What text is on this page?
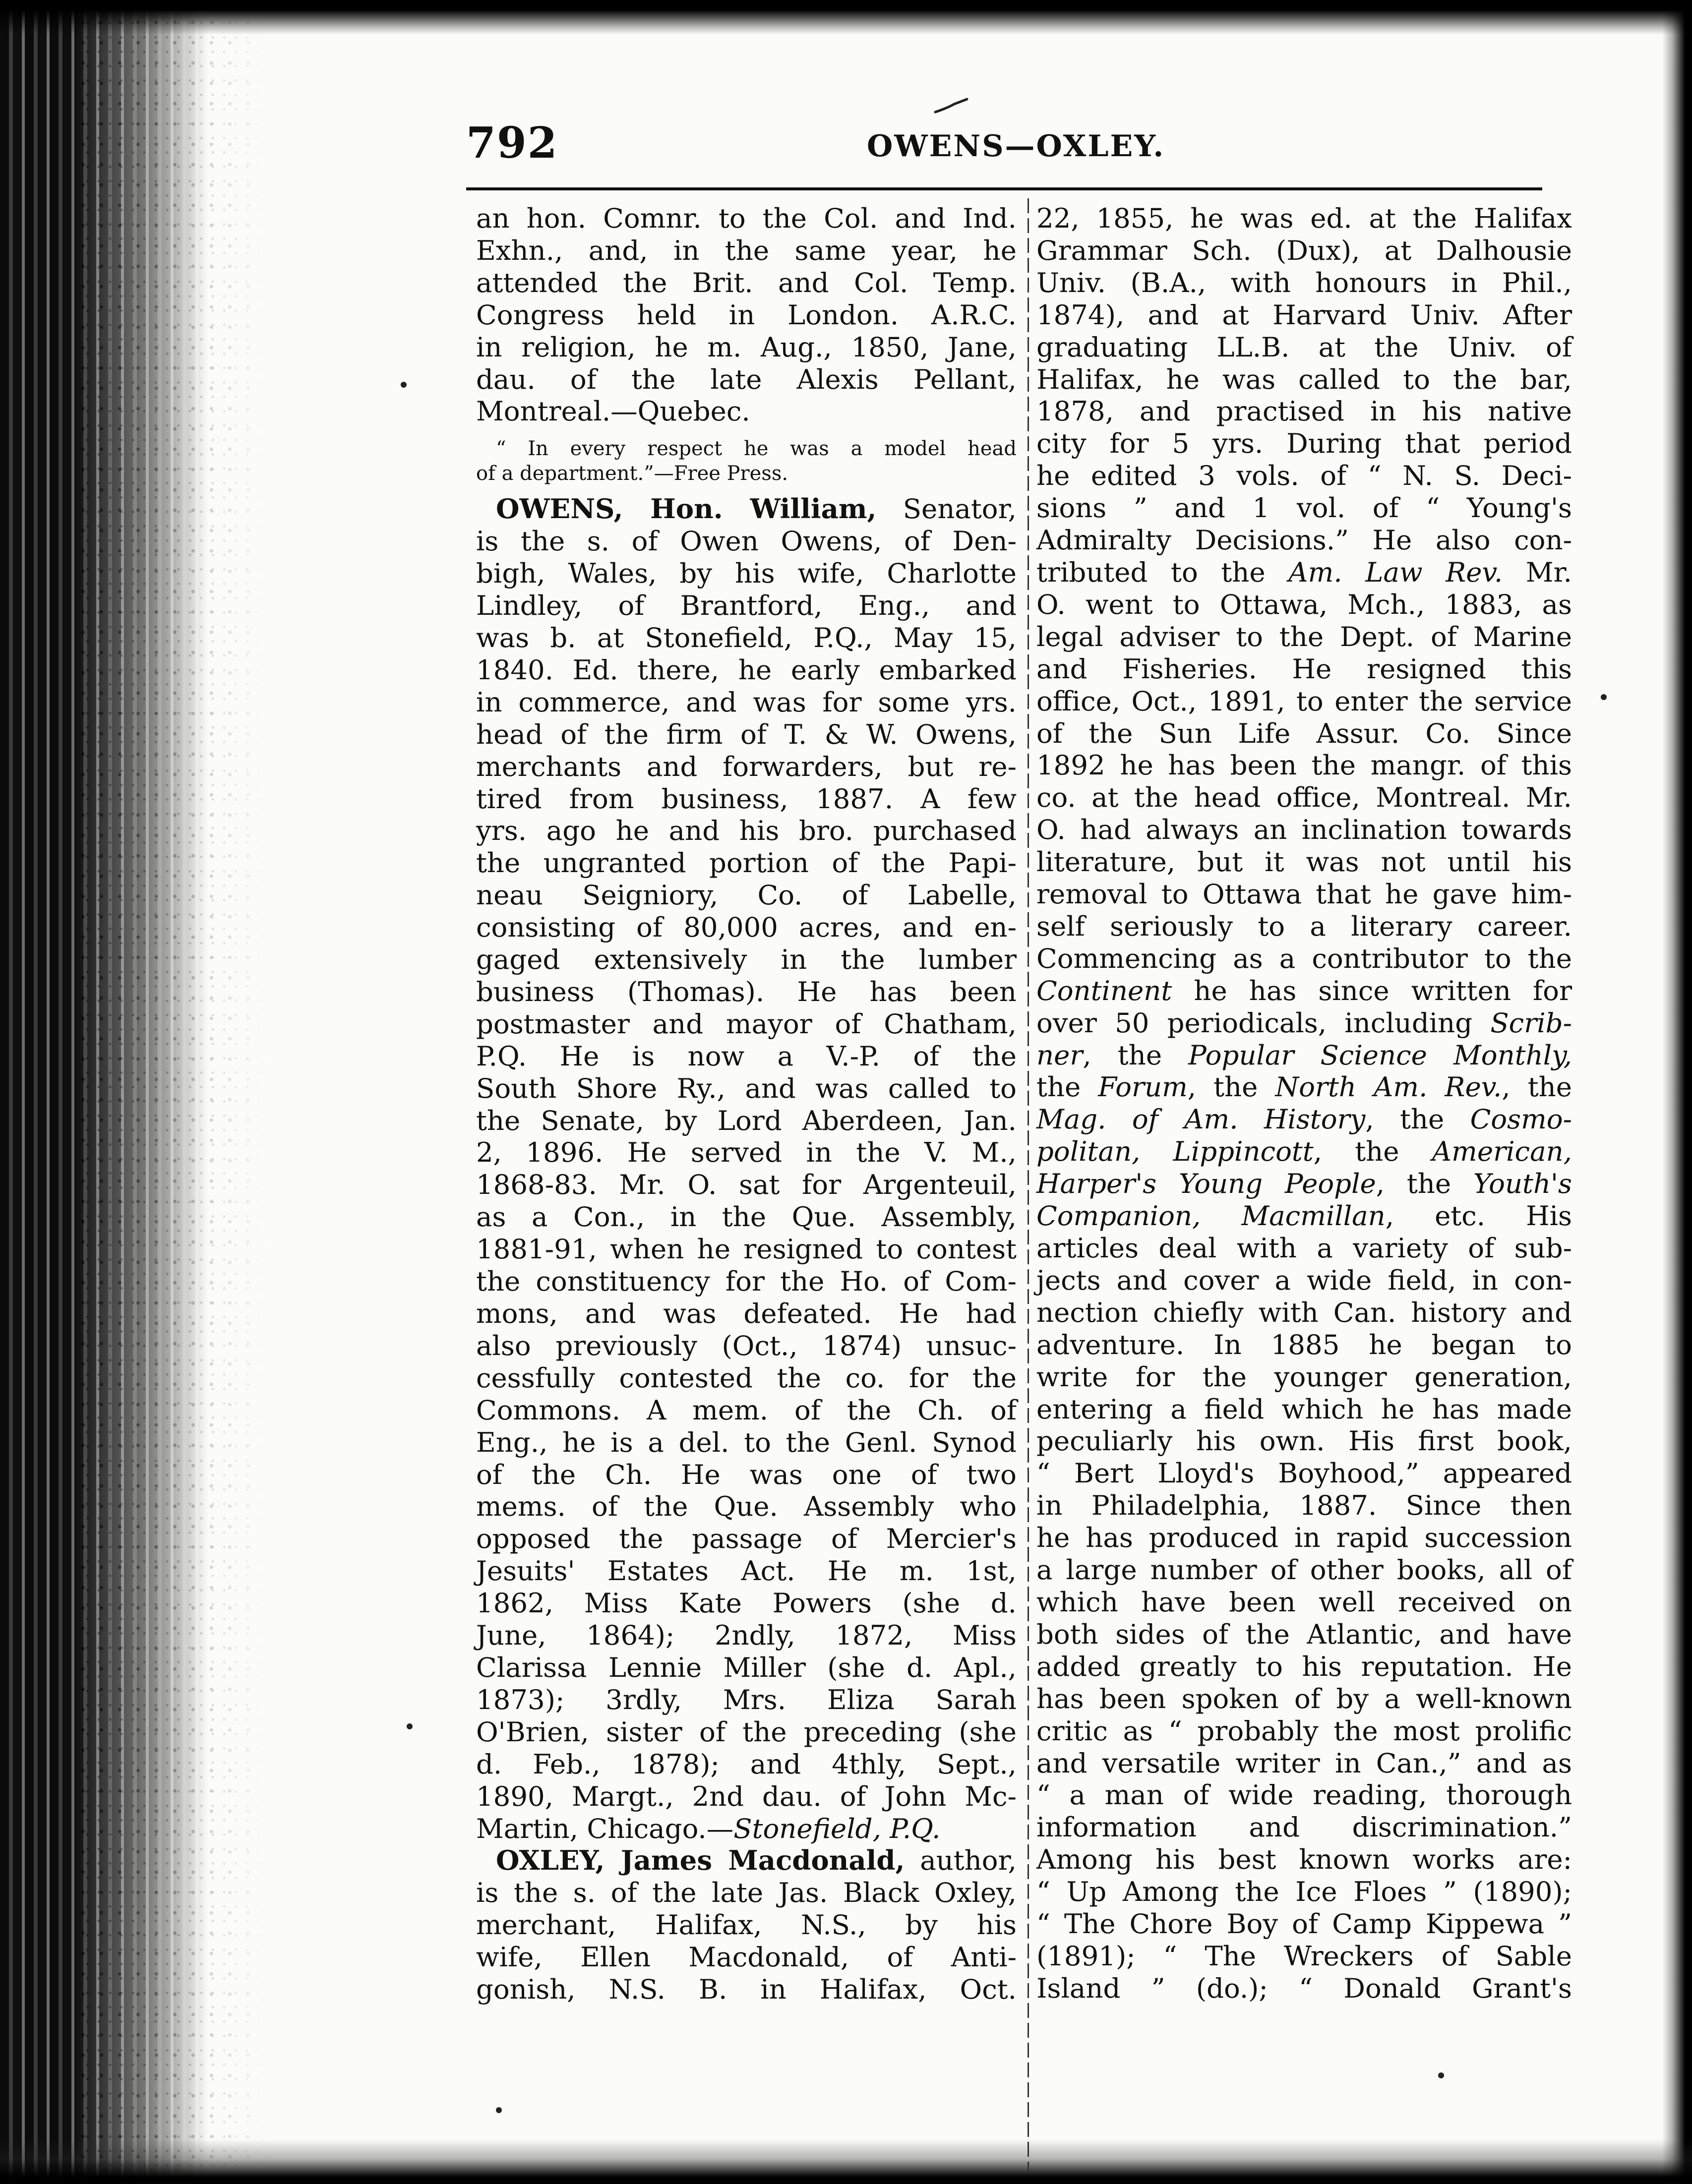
792	OWENS—OXLEY.
an hon. Comnr. to the Col. and Ind.
Exhn., and, in the same year, he
attended the Brit. and Col. Temp.
Congress held in London. A.R.C.
in religion, he m. Aug., 1850, Jane,
dau. of the late Alexis Pellant,
Montreal.—Quebec.
“ In every respect he was a model head
of a department.”—Free Press.
OWENS, Hon. William, Senator,
is the s. of Owen Owens, of Den-
bigh, Wales, by his wife, Charlotte
Lindley, of Brantford, Eng., and
was b. at Stonefield, P.Q., May 15,
1840. Ed. there, he early embarked
in commerce, and was for some yrs.
head of the firm of T. & W. Owens,
merchants and forwarders, but re-
tired from business, 1887. A few
yrs. ago he and his bro. purchased
the ungranted portion of the Papi-
neau Seigniory, Co. of Labelle,
consisting of 80,000 acres, and en-
gaged extensively in the lumber
business (Thomas). He has been
postmaster and mayor of Chatham,
P.Q. He is now a V.-P. of the
South Shore Ry., and was called to
the Senate, by Lord Aberdeen, Jan.
2, 1896. He served in the V. M.,
1868-83. Mr. O. sat for Argenteuil,
as a Con., in the Que. Assembly,
1881-91, when he resigned to contest
the constituency for the Ho. of Com-
mons, and was defeated. He had
also previously (Oct., 1874) unsuc-
cessfully contested the co. for the
Commons. A mem. of the Ch. of
Eng., he is a del. to the Genl. Synod
of the Ch. He was one of two
mems. of the Que. Assembly who
opposed the passage of Mercier's
Jesuits' Estates Act. He m. 1st,
1862, Miss Kate Powers (she d.
June, 1864); 2ndly, 1872, Miss
Clarissa Lennie Miller (she d. Apl.,
1873); 3rdly, Mrs. Eliza Sarah
O'Brien, sister of the preceding (she
d. Feb., 1878); and 4thly, Sept.,
1890, Margt., 2nd dau. of John Mc-
Martin, Chicago.—Stonefield, P.Q.
OXLEY, James Macdonald, author,
is the s. of the late Jas. Black Oxley,
merchant, Halifax, N.S., by his
wife, Ellen Macdonald, of Anti-
gonish, N.S. B. in Halifax, Oct.
22, 1855, he was ed. at the Halifax
Grammar Sch. (Dux), at Dalhousie
Univ. (B.A., with honours in Phil.,
1874), and at Harvard Univ. After
graduating LL.B. at the Univ. of
Halifax, he was called to the bar,
1878, and practised in his native
city for 5 yrs. During that period
he edited 3 vols. of “ N. S. Deci-
sions ” and 1 vol. of “ Young's
Admiralty Decisions.” He also con-
tributed to the Am. Law Rev. Mr.
O. went to Ottawa, Mch., 1883, as
legal adviser to the Dept. of Marine
and Fisheries. He resigned this
office, Oct., 1891, to enter the service
of the Sun Life Assur. Co. Since
1892 he has been the mangr. of this
co. at the head office, Montreal. Mr.
O. had always an inclination towards
literature, but it was not until his
removal to Ottawa that he gave him-
self seriously to a literary career.
Commencing as a contributor to the
Continent he has since written for
over 50 periodicals, including Scrib-
ner, the Popular Science Monthly,
the Forum, the North Am. Rev., the
Mag. of Am. History, the Cosmo-
politan, Lippincott, the American,
Harper's Young People, the Youth's
Companion, Macmillan, etc. His
articles deal with a variety of sub-
jects and cover a wide field, in con-
nection chiefly with Can. history and
adventure. In 1885 he began to
write for the younger generation,
entering a field which he has made
peculiarly his own. His first book,
“ Bert Lloyd's Boyhood,” appeared
in Philadelphia, 1887. Since then
he has produced in rapid succession
a large number of other books, all of
which have been well received on
both sides of the Atlantic, and have
added greatly to his reputation. He
has been spoken of by a well-known
critic as “ probably the most prolific
and versatile writer in Can.,” and as
“ a man of wide reading, thorough
information and discrimination.”
Among his best known works are:
“ Up Among the Ice Floes ” (1890);
“ The Chore Boy of Camp Kippewa ”
(1891); “ The Wreckers of Sable
Island ” (do.); “ Donald Grant's
